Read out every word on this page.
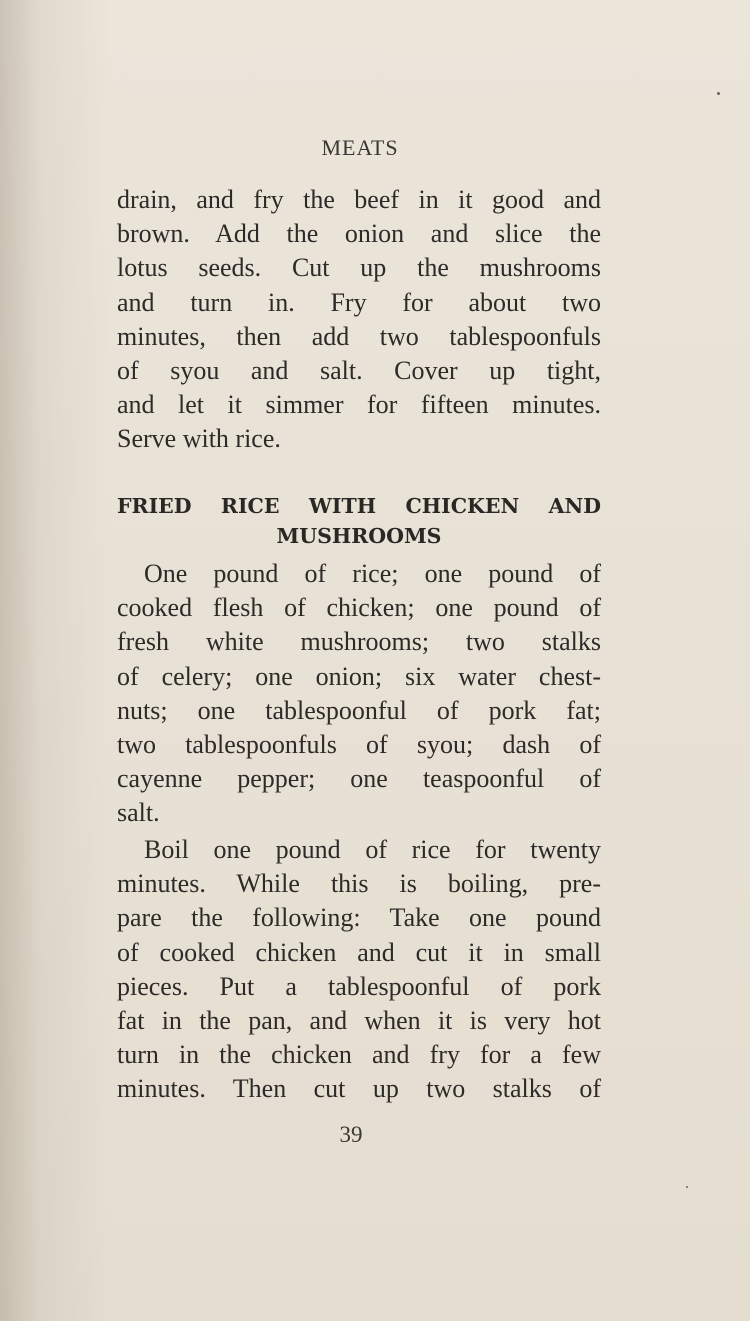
MEATS
drain, and fry the beef in it good and
brown. Add the onion and slice the
lotus seeds. Cut up the mushrooms
and turn in. Fry for about two
minutes, then add two tablespoonfuls
of syou and salt. Cover up tight,
and let it simmer for fifteen minutes.
Serve with rice.
FRIED RICE WITH CHICKEN AND
MUSHROOMS
One pound of rice; one pound of
cooked flesh of chicken; one pound of
fresh white mushrooms; two stalks
of celery; one onion; six water chest-
nuts; one tablespoonful of pork fat;
two tablespoonfuls of syou; dash of
cayenne pepper; one teaspoonful of
salt.
Boil one pound of rice for twenty
minutes. While this is boiling, pre-
pare the following: Take one pound
of cooked chicken and cut it in small
pieces. Put a tablespoonful of pork
fat in the pan, and when it is very hot
turn in the chicken and fry for a few
minutes. Then cut up two stalks of
39
